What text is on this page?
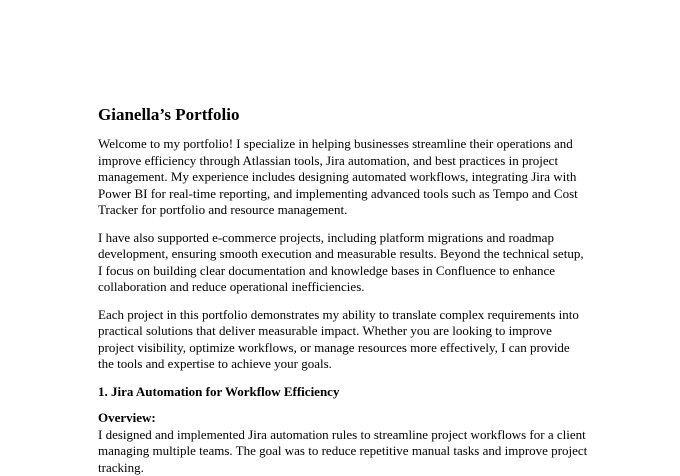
Gianella’s Portfolio

Welcome to my portfolio! I specialize in helping businesses streamline their operations and improve efficiency through Atlassian tools, Jira automation, and best practices in project management. My experience includes designing automated workflows, integrating Jira with Power BI for real-time reporting, and implementing advanced tools such as Tempo and Cost Tracker for portfolio and resource management.

I have also supported e-commerce projects, including platform migrations and roadmap development, ensuring smooth execution and measurable results. Beyond the technical setup, I focus on building clear documentation and knowledge bases in Confluence to enhance collaboration and reduce operational inefficiencies.

Each project in this portfolio demonstrates my ability to translate complex requirements into practical solutions that deliver measurable impact. Whether you are looking to improve project visibility, optimize workflows, or manage resources more effectively, I can provide the tools and expertise to achieve your goals.

1. Jira Automation for Workflow Efficiency
Overview:

I designed and implemented Jira automation rules to streamline project workflows for a client managing multiple teams. The goal was to reduce repetitive manual tasks and improve project tracking.
